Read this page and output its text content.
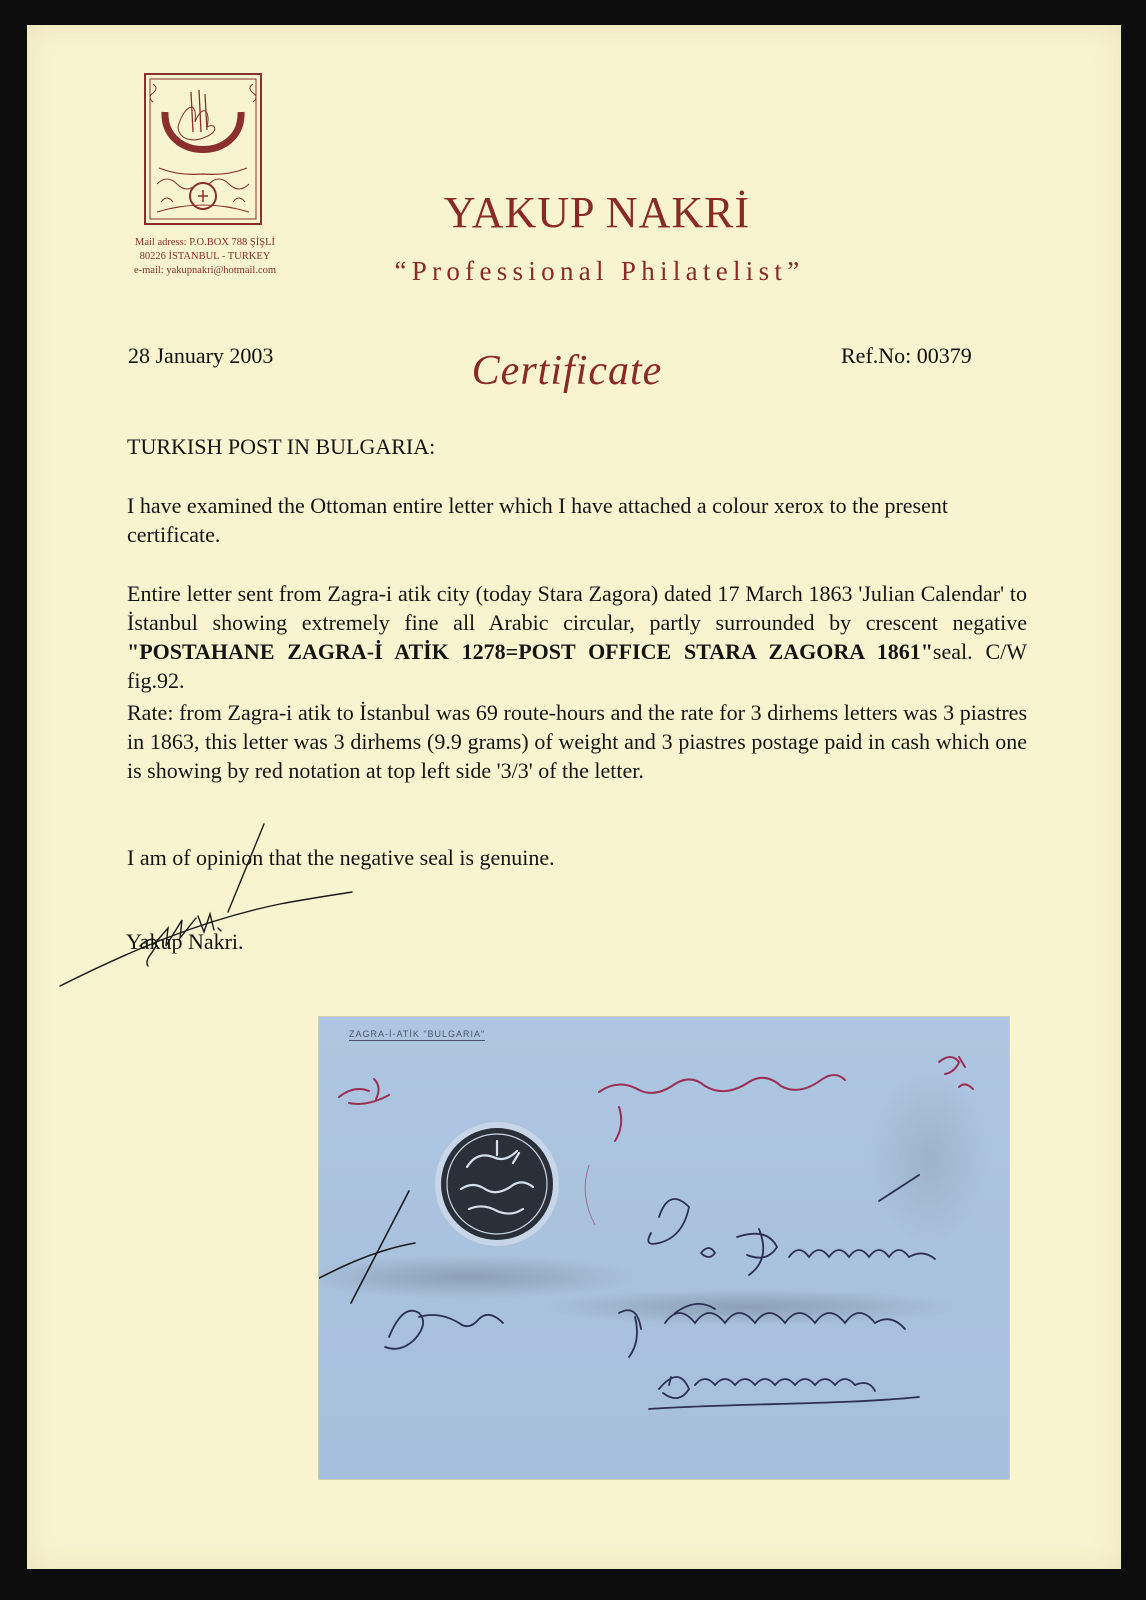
Mail adress: P.O.BOX 788 ŞİŞLİ
80226 İSTANBUL - TURKEY
e-mail: yakupnakri@hotmail.com
YAKUP NAKRİ
“Professional Philatelist”
28 January 2003	Certificate	Ref.No: 00379
TURKISH POST IN BULGARIA:
I have examined the Ottoman entire letter which I have attached a colour xerox to the present certificate.
Entire letter sent from Zagra-i atik city (today Stara Zagora) dated 17 March 1863 'Julian Calendar' to İstanbul showing extremely fine all Arabic circular, partly surrounded by crescent negative "POSTAHANE ZAGRA-İ ATİK 1278=POST OFFICE STARA ZAGORA 1861"seal. C/W fig.92.
Rate: from Zagra-i atik to İstanbul was 69 route-hours and the rate for 3 dirhems letters was 3 piastres in 1863, this letter was 3 dirhems (9.9 grams) of weight and 3 piastres postage paid in cash which one is showing by red notation at top left side '3/3' of the letter.
I am of opinion that the negative seal is genuine.
Yakup Nakri.
ZAGRA-İ-ATİK "BULGARIA"
